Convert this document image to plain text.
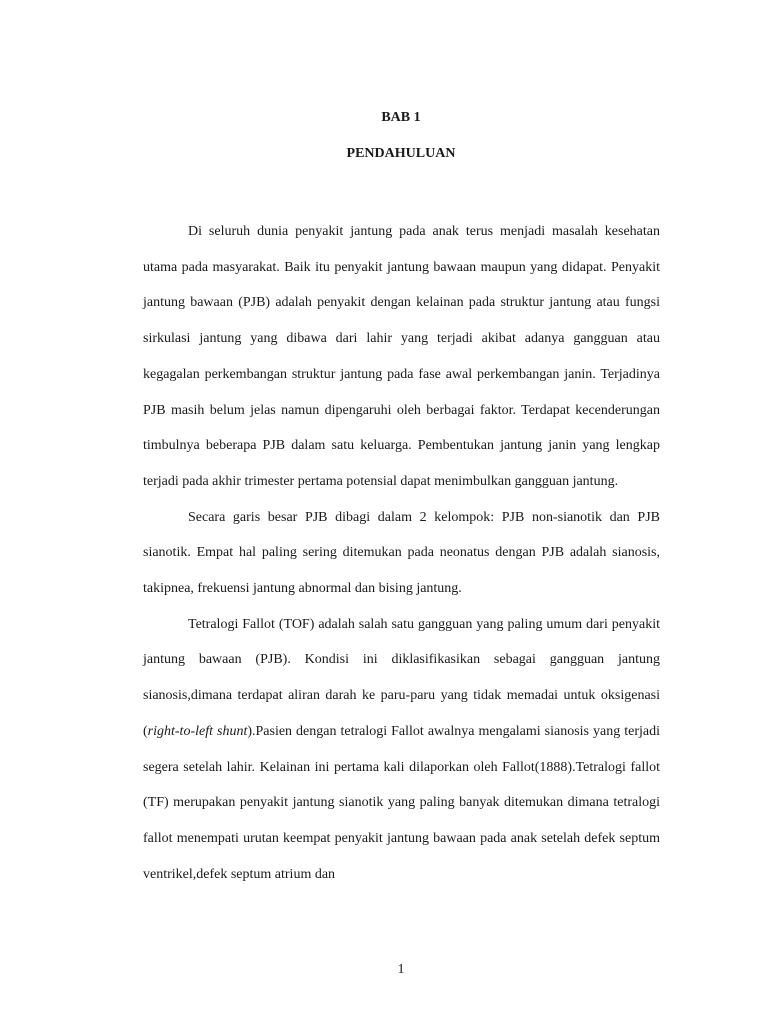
BAB 1
PENDAHULUAN

Di seluruh dunia penyakit jantung pada anak terus menjadi masalah kesehatan utama pada masyarakat. Baik itu penyakit jantung bawaan maupun yang didapat. Penyakit jantung bawaan (PJB) adalah penyakit dengan kelainan pada struktur jantung atau fungsi sirkulasi jantung yang dibawa dari lahir yang terjadi akibat adanya gangguan atau kegagalan perkembangan struktur jantung pada fase awal perkembangan janin. Terjadinya PJB masih belum jelas namun dipengaruhi oleh berbagai faktor. Terdapat kecenderungan timbulnya beberapa PJB dalam satu keluarga. Pembentukan jantung janin yang lengkap terjadi pada akhir trimester pertama potensial dapat menimbulkan gangguan jantung.

Secara garis besar PJB dibagi dalam 2 kelompok: PJB non-sianotik dan PJB sianotik. Empat hal paling sering ditemukan pada neonatus dengan PJB adalah sianosis, takipnea, frekuensi jantung abnormal dan bising jantung.

Tetralogi Fallot (TOF) adalah salah satu gangguan yang paling umum dari penyakit jantung bawaan (PJB). Kondisi ini diklasifikasikan sebagai gangguan jantung sianosis,dimana terdapat aliran darah ke paru-paru yang tidak memadai untuk oksigenasi (right-to-left shunt).Pasien dengan tetralogi Fallot awalnya mengalami sianosis yang terjadi segera setelah lahir. Kelainan ini pertama kali dilaporkan oleh Fallot(1888).Tetralogi fallot (TF) merupakan penyakit jantung sianotik yang paling banyak ditemukan dimana tetralogi fallot menempati urutan keempat penyakit jantung bawaan pada anak setelah defek septum ventrikel,defek septum atrium dan

1
